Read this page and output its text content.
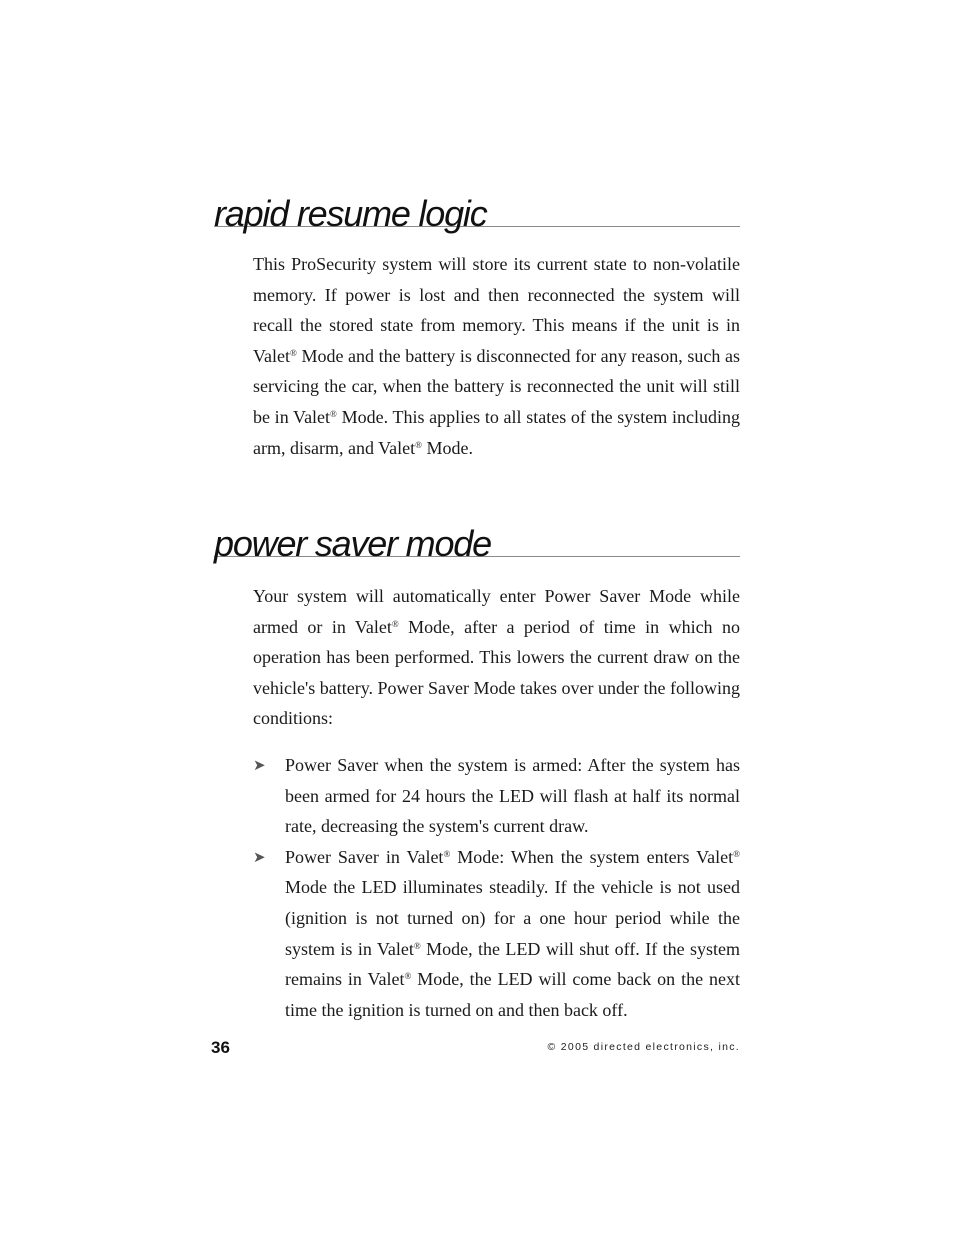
rapid resume logic

This ProSecurity system will store its current state to non-volatile memory. If power is lost and then reconnected the system will recall the stored state from memory. This means if the unit is in Valet® Mode and the battery is disconnected for any reason, such as servicing the car, when the battery is reconnected the unit will still be in Valet® Mode. This applies to all states of the system including arm, disarm, and Valet® Mode.

power saver mode

Your system will automatically enter Power Saver Mode while armed or in Valet® Mode, after a period of time in which no operation has been performed. This lowers the current draw on the vehicle's battery. Power Saver Mode takes over under the following conditions:

➤ Power Saver when the system is armed: After the system has been armed for 24 hours the LED will flash at half its normal rate, decreasing the system's current draw.
➤ Power Saver in Valet® Mode: When the system enters Valet® Mode the LED illuminates steadily. If the vehicle is not used (ignition is not turned on) for a one hour period while the system is in Valet® Mode, the LED will shut off. If the system remains in Valet® Mode, the LED will come back on the next time the ignition is turned on and then back off.
36	© 2005 directed electronics, inc.
